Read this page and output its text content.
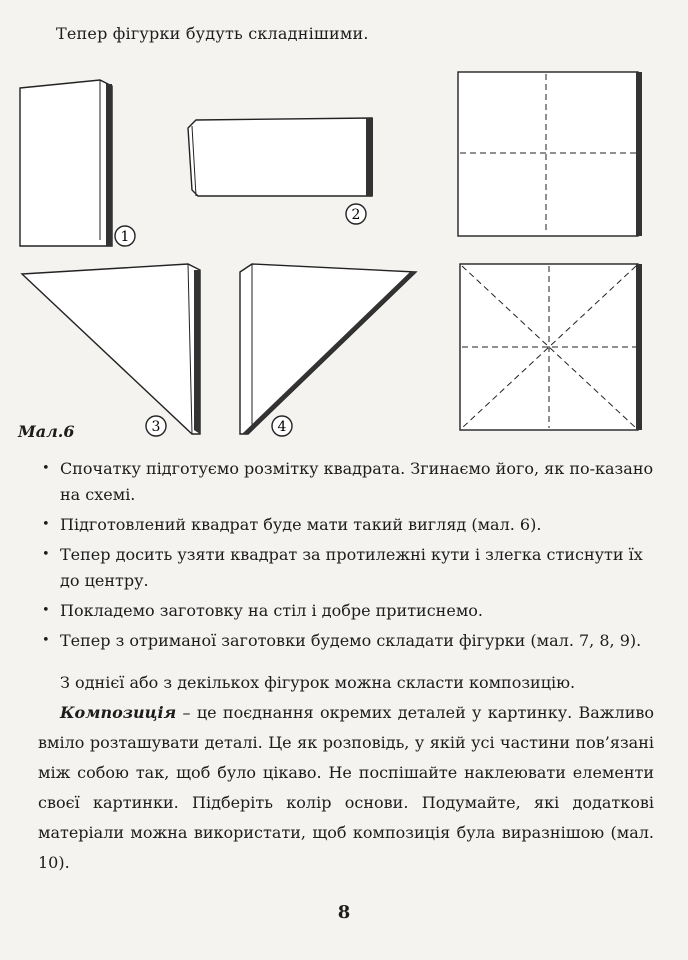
Тепер фігурки будуть складнішими.
1
2
3	4
Мал.6
• Спочатку підготуємо розмітку квадрата. Згинаємо його, як по-казано на схемі.
• Підготовлений квадрат буде мати такий вигляд (мал. 6).
• Тепер досить узяти квадрат за протилежні кути і злегка стиснути їх до центру.
• Покладемо заготовку на стіл і добре притиснемо.
• Тепер з отриманої заготовки будемо складати фігурки (мал. 7, 8, 9).

З однієї або з декількох фігурок можна скласти композицію.

Композиція – це поєднання окремих деталей у картинку. Важливо вміло розташувати деталі. Це як розповідь, у якій усі частини пов’язані між собою так, щоб було цікаво. Не поспішайте наклеювати елементи своєї картинки. Підберіть колір основи. Подумайте, які додаткові матеріали можна використати, щоб композиція була виразнішою (мал. 10).

8
